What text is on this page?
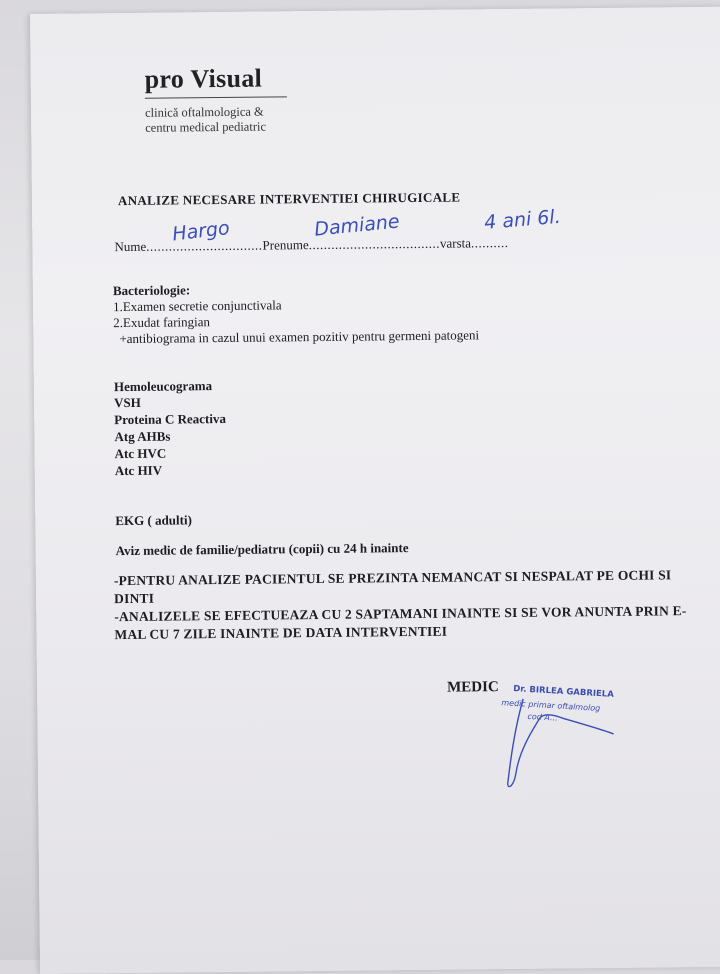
pro Visual
clinică oftalmologica &
centru medical pediatric
ANALIZE NECESARE INTERVENTIEI CHIRUGICALE
Nume...............................Prenume...................................varsta..........
Hargo	Damiane	4 ani 6l.
Bacteriologie:
1.Examen secretie conjunctivala
2.Exudat faringian
+antibiograma in cazul unui examen pozitiv pentru germeni patogeni
Hemoleucograma
VSH
Proteina C Reactiva
Atg AHBs
Atc HVC
Atc HIV
EKG ( adulti)
Aviz medic de familie/pediatru (copii) cu 24 h inainte
-PENTRU ANALIZE PACIENTUL SE PREZINTA NEMANCAT SI NESPALAT PE OCHI SI
DINTI
-ANALIZELE SE EFECTUEAZA CU 2 SAPTAMANI INAINTE SI SE VOR ANUNTA PRIN E-
MAL CU 7 ZILE INAINTE DE DATA INTERVENTIEI
MEDIC Dr. BIRLEA GABRIELA
medic primar oftalmolog
cod A...
